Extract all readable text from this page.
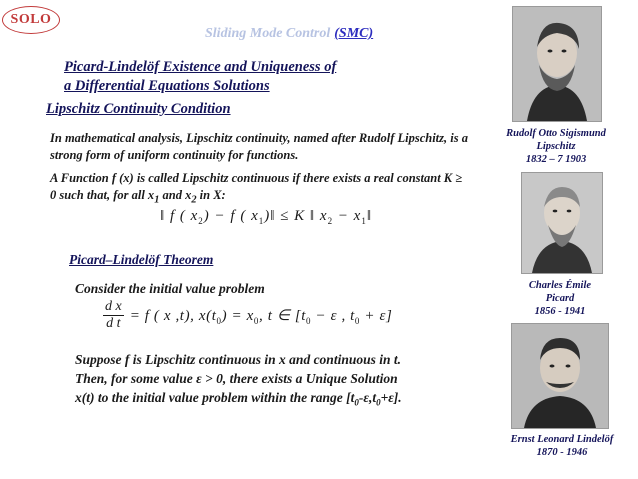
SOLO
Sliding Mode Control (SMC)
Picard-Lindelöf Existence and Uniqueness of
a Differential Equations Solutions
Lipschitz Continuity Condition
In mathematical analysis, Lipschitz continuity, named after Rudolf Lipschitz, is a strong form of uniform continuity for functions.
A Function f (x) is called Lipschitz continuous if there exists a real constant K ≥ 0 such that, for all $x_1$ and $x_2$ in X:
‖ f ( $x_2) - f$ ( $x_1)‖ \le K$ ‖ $x_2$ − $x_1‖$
Picard–Lindelöf Theorem
Consider the initial value problem
$\frac{\text{d x}}{\text{d t}} = f$ ( x ,t), $x(t_0) = x_0$, t ∈ [$t_0 - \varepsilon$ , $t_0 + \varepsilon$]
Suppose f is Lipschitz continuous in x and continuous in t.
Then, for some value ε > 0, there exists a Unique Solution
x(t) to the initial value problem within the range $[t_0-\varepsilon,t_0+\varepsilon]$.
Rudolf Otto Sigismund
Lipschitz
1832 – 7 1903
Charles Émile
Picard
1856 - 1941
Ernst Leonard Lindelöf
1870 - 1946
